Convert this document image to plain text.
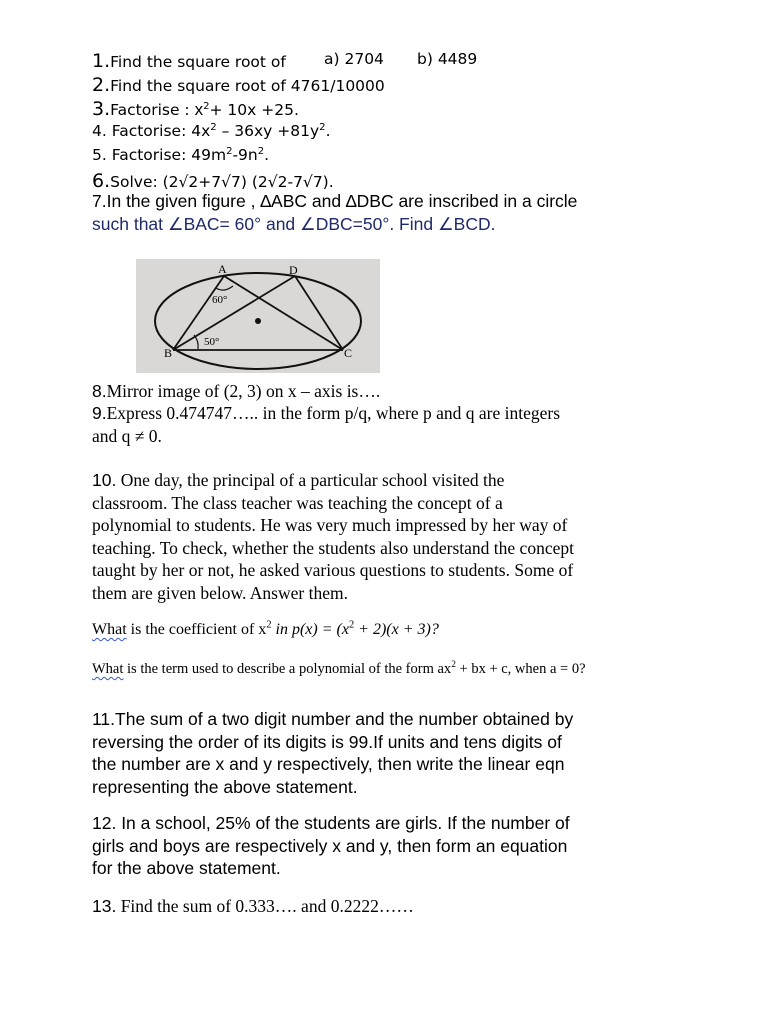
1.Find the square root of a) 2704 b) 4489
2.Find the square root of 4761/10000
3.Factorise : $x^2+ 10x +25$.
4. Factorise: $4x^2 - 36xy +81y^2$.
5. Factorise: $49m^2-9n^2$.
6.Solve: (2√2+7√7) (2√2-7√7).
7.In the given figure , ∆ABC and ∆DBC are inscribed in a circle
such that ∠BAC= 60° and ∠DBC=50°. Find ∠BCD.
A	D
B	C
60°
50°
8.Mirror image of (2, 3) on x – axis is….
9.Express 0.474747….. in the form p/q, where p and q are integers
and q ≠ 0.
10. One day, the principal of a particular school visited the
classroom. The class teacher was teaching the concept of a
polynomial to students. He was very much impressed by her way of
teaching. To check, whether the students also understand the concept
taught by her or not, he asked various questions to students. Some of
them are given below. Answer them.
What is the coefficient of $x^2$ in $p(x) = (x^2 + 2)(x + 3)$?
What is the term used to describe a polynomial of the form $ax^2$ + bx + c, when a = 0?
11.The sum of a two digit number and the number obtained by
reversing the order of its digits is 99.If units and tens digits of
the number are x and y respectively, then write the linear eqn
representing the above statement.
12. In a school, 25% of the students are girls. If the number of
girls and boys are respectively x and y, then form an equation
for the above statement.
13. Find the sum of 0.333…. and 0.2222……
